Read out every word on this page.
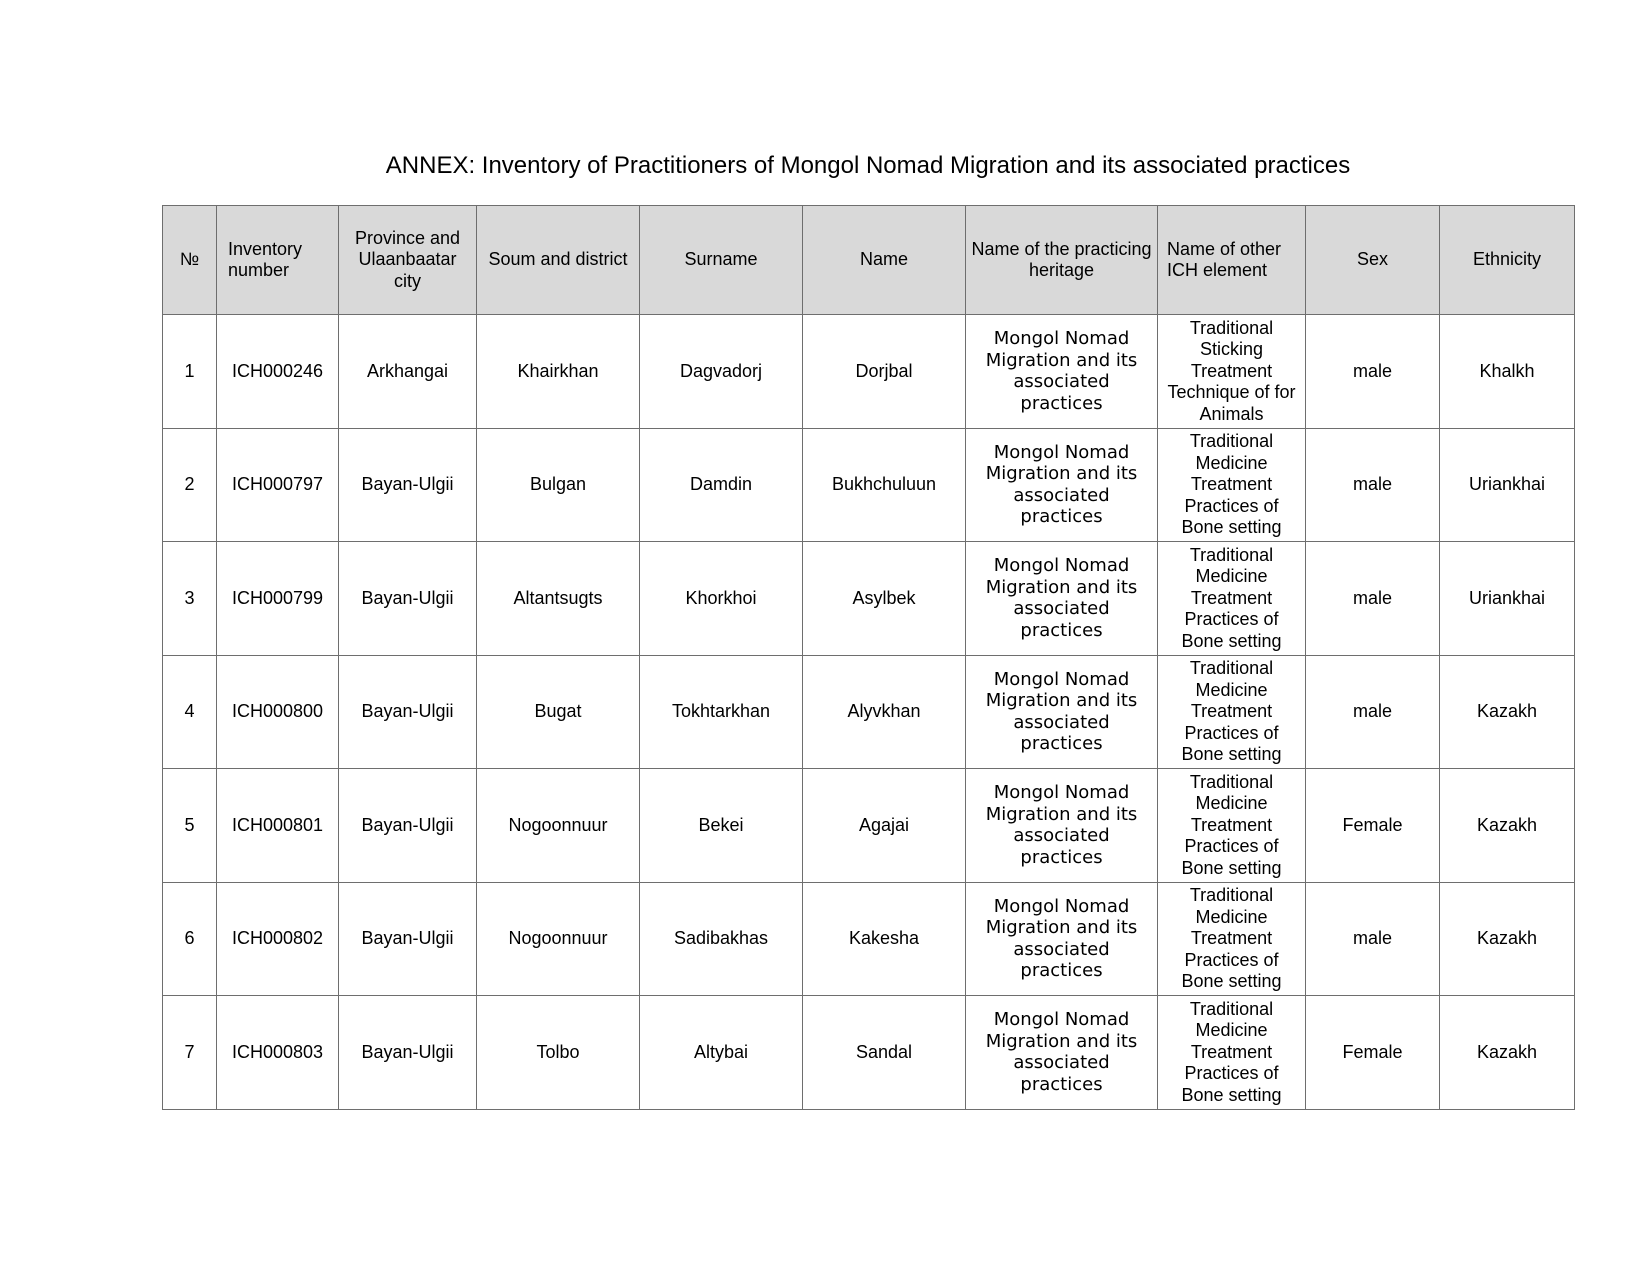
ANNEX: Inventory of Practitioners of Mongol Nomad Migration and its associated practices
№	Inventory number	Province and Ulaanbaatar city	Soum and district	Surname	Name	Name of the practicing heritage	Name of other ICH element	Sex	Ethnicity
1	ICH000246	Arkhangai	Khairkhan	Dagvadorj	Dorjbal	Mongol Nomad Migration and its associated practices	Traditional Sticking Treatment Technique of for Animals	male	Khalkh
2	ICH000797	Bayan-Ulgii	Bulgan	Damdin	Bukhchuluun	Mongol Nomad Migration and its associated practices	Traditional Medicine Treatment Practices of Bone setting	male	Uriankhai
3	ICH000799	Bayan-Ulgii	Altantsugts	Khorkhoi	Asylbek	Mongol Nomad Migration and its associated practices	Traditional Medicine Treatment Practices of Bone setting	male	Uriankhai
4	ICH000800	Bayan-Ulgii	Bugat	Tokhtarkhan	Alyvkhan	Mongol Nomad Migration and its associated practices	Traditional Medicine Treatment Practices of Bone setting	male	Kazakh
5	ICH000801	Bayan-Ulgii	Nogoonnuur	Bekei	Agajai	Mongol Nomad Migration and its associated practices	Traditional Medicine Treatment Practices of Bone setting	Female	Kazakh
6	ICH000802	Bayan-Ulgii	Nogoonnuur	Sadibakhas	Kakesha	Mongol Nomad Migration and its associated practices	Traditional Medicine Treatment Practices of Bone setting	male	Kazakh
7	ICH000803	Bayan-Ulgii	Tolbo	Altybai	Sandal	Mongol Nomad Migration and its associated practices	Traditional Medicine Treatment Practices of Bone setting	Female	Kazakh
